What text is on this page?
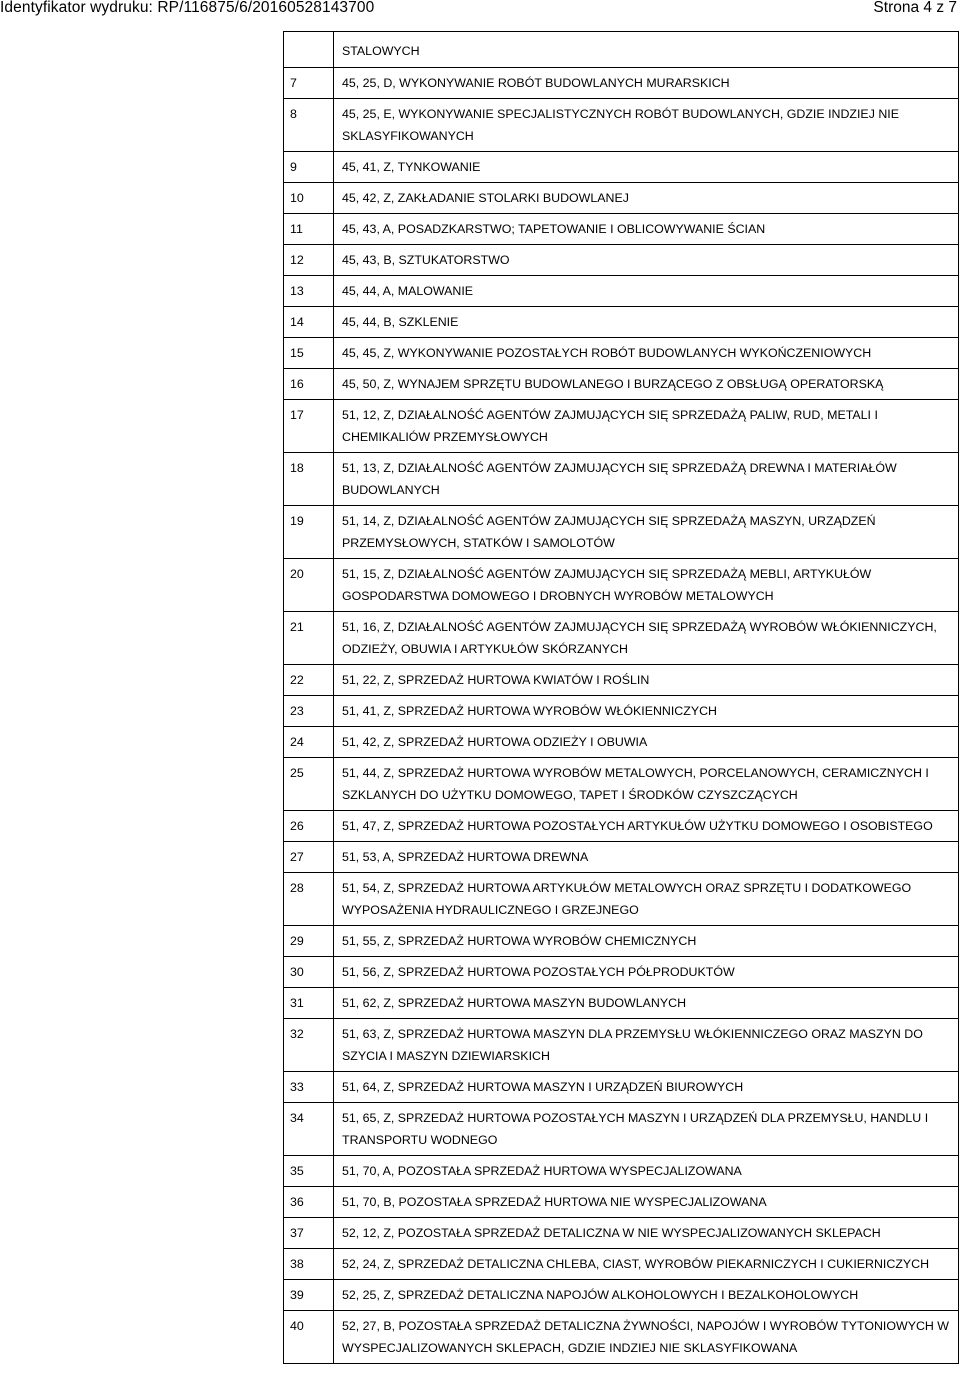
Identyfikator wydruku: RP/116875/6/20160528143700	Strona 4 z 7
	STALOWYCH
7	45, 25, D, WYKONYWANIE ROBÓT BUDOWLANYCH MURARSKICH
8	45, 25, E, WYKONYWANIE SPECJALISTYCZNYCH ROBÓT BUDOWLANYCH, GDZIE INDZIEJ NIE SKLASYFIKOWANYCH
9	45, 41, Z, TYNKOWANIE
10	45, 42, Z, ZAKŁADANIE STOLARKI BUDOWLANEJ
11	45, 43, A, POSADZKARSTWO; TAPETOWANIE I OBLICOWYWANIE ŚCIAN
12	45, 43, B, SZTUKATORSTWO
13	45, 44, A, MALOWANIE
14	45, 44, B, SZKLENIE
15	45, 45, Z, WYKONYWANIE POZOSTAŁYCH ROBÓT BUDOWLANYCH WYKOŃCZENIOWYCH
16	45, 50, Z, WYNAJEM SPRZĘTU BUDOWLANEGO I BURZĄCEGO Z OBSŁUGĄ OPERATORSKĄ
17	51, 12, Z, DZIAŁALNOŚĆ AGENTÓW ZAJMUJĄCYCH SIĘ SPRZEDAŻĄ PALIW, RUD, METALI I CHEMIKALIÓW PRZEMYSŁOWYCH
18	51, 13, Z, DZIAŁALNOŚĆ AGENTÓW ZAJMUJĄCYCH SIĘ SPRZEDAŻĄ DREWNA I MATERIAŁÓW BUDOWLANYCH
19	51, 14, Z, DZIAŁALNOŚĆ AGENTÓW ZAJMUJĄCYCH SIĘ SPRZEDAŻĄ MASZYN, URZĄDZEŃ PRZEMYSŁOWYCH, STATKÓW I SAMOLOTÓW
20	51, 15, Z, DZIAŁALNOŚĆ AGENTÓW ZAJMUJĄCYCH SIĘ SPRZEDAŻĄ MEBLI, ARTYKUŁÓW GOSPODARSTWA DOMOWEGO I DROBNYCH WYROBÓW METALOWYCH
21	51, 16, Z, DZIAŁALNOŚĆ AGENTÓW ZAJMUJĄCYCH SIĘ SPRZEDAŻĄ WYROBÓW WŁÓKIENNICZYCH, ODZIEŻY, OBUWIA I ARTYKUŁÓW SKÓRZANYCH
22	51, 22, Z, SPRZEDAŻ HURTOWA KWIATÓW I ROŚLIN
23	51, 41, Z, SPRZEDAŻ HURTOWA WYROBÓW WŁÓKIENNICZYCH
24	51, 42, Z, SPRZEDAŻ HURTOWA ODZIEŻY I OBUWIA
25	51, 44, Z, SPRZEDAŻ HURTOWA WYROBÓW METALOWYCH, PORCELANOWYCH, CERAMICZNYCH I SZKLANYCH DO UŻYTKU DOMOWEGO, TAPET I ŚRODKÓW CZYSZCZĄCYCH
26	51, 47, Z, SPRZEDAŻ HURTOWA POZOSTAŁYCH ARTYKUŁÓW UŻYTKU DOMOWEGO I OSOBISTEGO
27	51, 53, A, SPRZEDAŻ HURTOWA DREWNA
28	51, 54, Z, SPRZEDAŻ HURTOWA ARTYKUŁÓW METALOWYCH ORAZ SPRZĘTU I DODATKOWEGO WYPOSAŻENIA HYDRAULICZNEGO I GRZEJNEGO
29	51, 55, Z, SPRZEDAŻ HURTOWA WYROBÓW CHEMICZNYCH
30	51, 56, Z, SPRZEDAŻ HURTOWA POZOSTAŁYCH PÓŁPRODUKTÓW
31	51, 62, Z, SPRZEDAŻ HURTOWA MASZYN BUDOWLANYCH
32	51, 63, Z, SPRZEDAŻ HURTOWA MASZYN DLA PRZEMYSŁU WŁÓKIENNICZEGO ORAZ MASZYN DO SZYCIA I MASZYN DZIEWIARSKICH
33	51, 64, Z, SPRZEDAŻ HURTOWA MASZYN I URZĄDZEŃ BIUROWYCH
34	51, 65, Z, SPRZEDAŻ HURTOWA POZOSTAŁYCH MASZYN I URZĄDZEŃ DLA PRZEMYSŁU, HANDLU I TRANSPORTU WODNEGO
35	51, 70, A, POZOSTAŁA SPRZEDAŻ HURTOWA WYSPECJALIZOWANA
36	51, 70, B, POZOSTAŁA SPRZEDAŻ HURTOWA NIE WYSPECJALIZOWANA
37	52, 12, Z, POZOSTAŁA SPRZEDAŻ DETALICZNA W NIE WYSPECJALIZOWANYCH SKLEPACH
38	52, 24, Z, SPRZEDAŻ DETALICZNA CHLEBA, CIAST, WYROBÓW PIEKARNICZYCH I CUKIERNICZYCH
39	52, 25, Z, SPRZEDAŻ DETALICZNA NAPOJÓW ALKOHOLOWYCH I BEZALKOHOLOWYCH
40	52, 27, B, POZOSTAŁA SPRZEDAŻ DETALICZNA ŻYWNOŚCI, NAPOJÓW I WYROBÓW TYTONIOWYCH W WYSPECJALIZOWANYCH SKLEPACH, GDZIE INDZIEJ NIE SKLASYFIKOWANA
